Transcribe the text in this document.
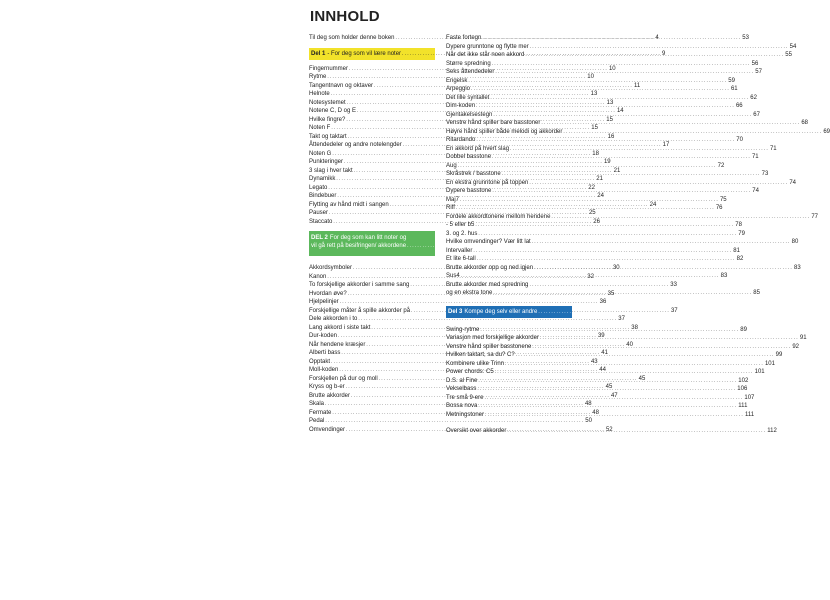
INNHOLD
Til deg som holder denne boken .....	4
Del 1 - For deg som vil lære noter .....	9
Fingernummer .....	10
Rytme .....	10
Tangentnavn og oktaver .....	11
Helnote .....	13
Notesystemet .....	13
Notene C, D og E .....	14
Hvilke fingre? .....	15
Noten F .....	15
Takt og taktart .....	16
Åttendedeler og andre notelengder .....	17
Noten G .....	18
Punkteringer .....	19
3 slag i hver takt .....	21
Dynamikk .....	21
Legato .....	22
Bindebuer .....	24
Flytting av hånd midt i sangen .....	24
Pauser .....	25
Staccato .....	26
DEL 2 For deg som kan litt noter og
vil gå rett på besifringen/ akkordene .....	29
Akkordsymboler .....	30
Kanon .....	32
To forskjellige akkorder i samme sang .....	33
Hvordan øve? .....	35
Hjelpelinjer .....	36
Forskjellige måter å spille akkorder på .....	37
Dele akkorden i to .....	37
Lang akkord i siste takt .....	38
Dur-koden .....	39
Når hendene kræsjer .....	40
Alberti bass .....	41
Opptakt .....	43
Moll-koden .....	44
Forskjellen på dur og moll .....	45
Kryss og b-er .....	45
Brutte akkorder .....	47
Skala .....	48
Fermate .....	48
Pedal .....	50
Omvendinger .....	52
Faste fortegn .....	53
Dypere grunntone og flytte mer .....	54
Når det ikke står noen akkord .....	55
Større spredning .....	56
Seks åttendedeler .....	57
Engelsk .....	59
Arpeggio .....	61
Det lille syntallet .....	62
Dim-koden .....	66
Gjentakelsestegn .....	67
Venstre hånd spiller bare basstoner .....	68
Høyre hånd spiller både melodi og akkorder .....	69
Ritardando .....	70
En akkord på hvert slag .....	71
Dobbel basstone .....	71
Aug .....	72
Skråstrek / basstone .....	73
En ekstra grunntone på toppen .....	74
Dypere basstone .....	74
Maj7 .....	75
Riff .....	76
Fordele akkordtonene mellom hendene .....	77
- 5 eller b5 .....	78
3. og 2. hus .....	79
Hvilke omvendinger? Vær litt lat .....	80
Intervaller .....	81
Et lite 6-tall .....	82
Brutte akkorder opp og ned igjen .....	83
Sus4 .....	83
Brutte akkorder med spredning
og en ekstra tone .....	85
Del 3 Kompe deg selv eller andre .....	87
Swing-rytme .....	89
Variasjon med forskjellige akkorder .....	91
Venstre hånd spiller basstonene .....	92
Hvilken taktart, sa du? C? .....	99
Kombinere ulike Trinn .....	101
Power chords: C5 .....	101
D.S. al Fine .....	102
Vekselbass .....	106
Tre små 9-ere .....	107
Bossa nova .....	111
Metningstoner .....	111
Oversikt over akkorder .....	112
